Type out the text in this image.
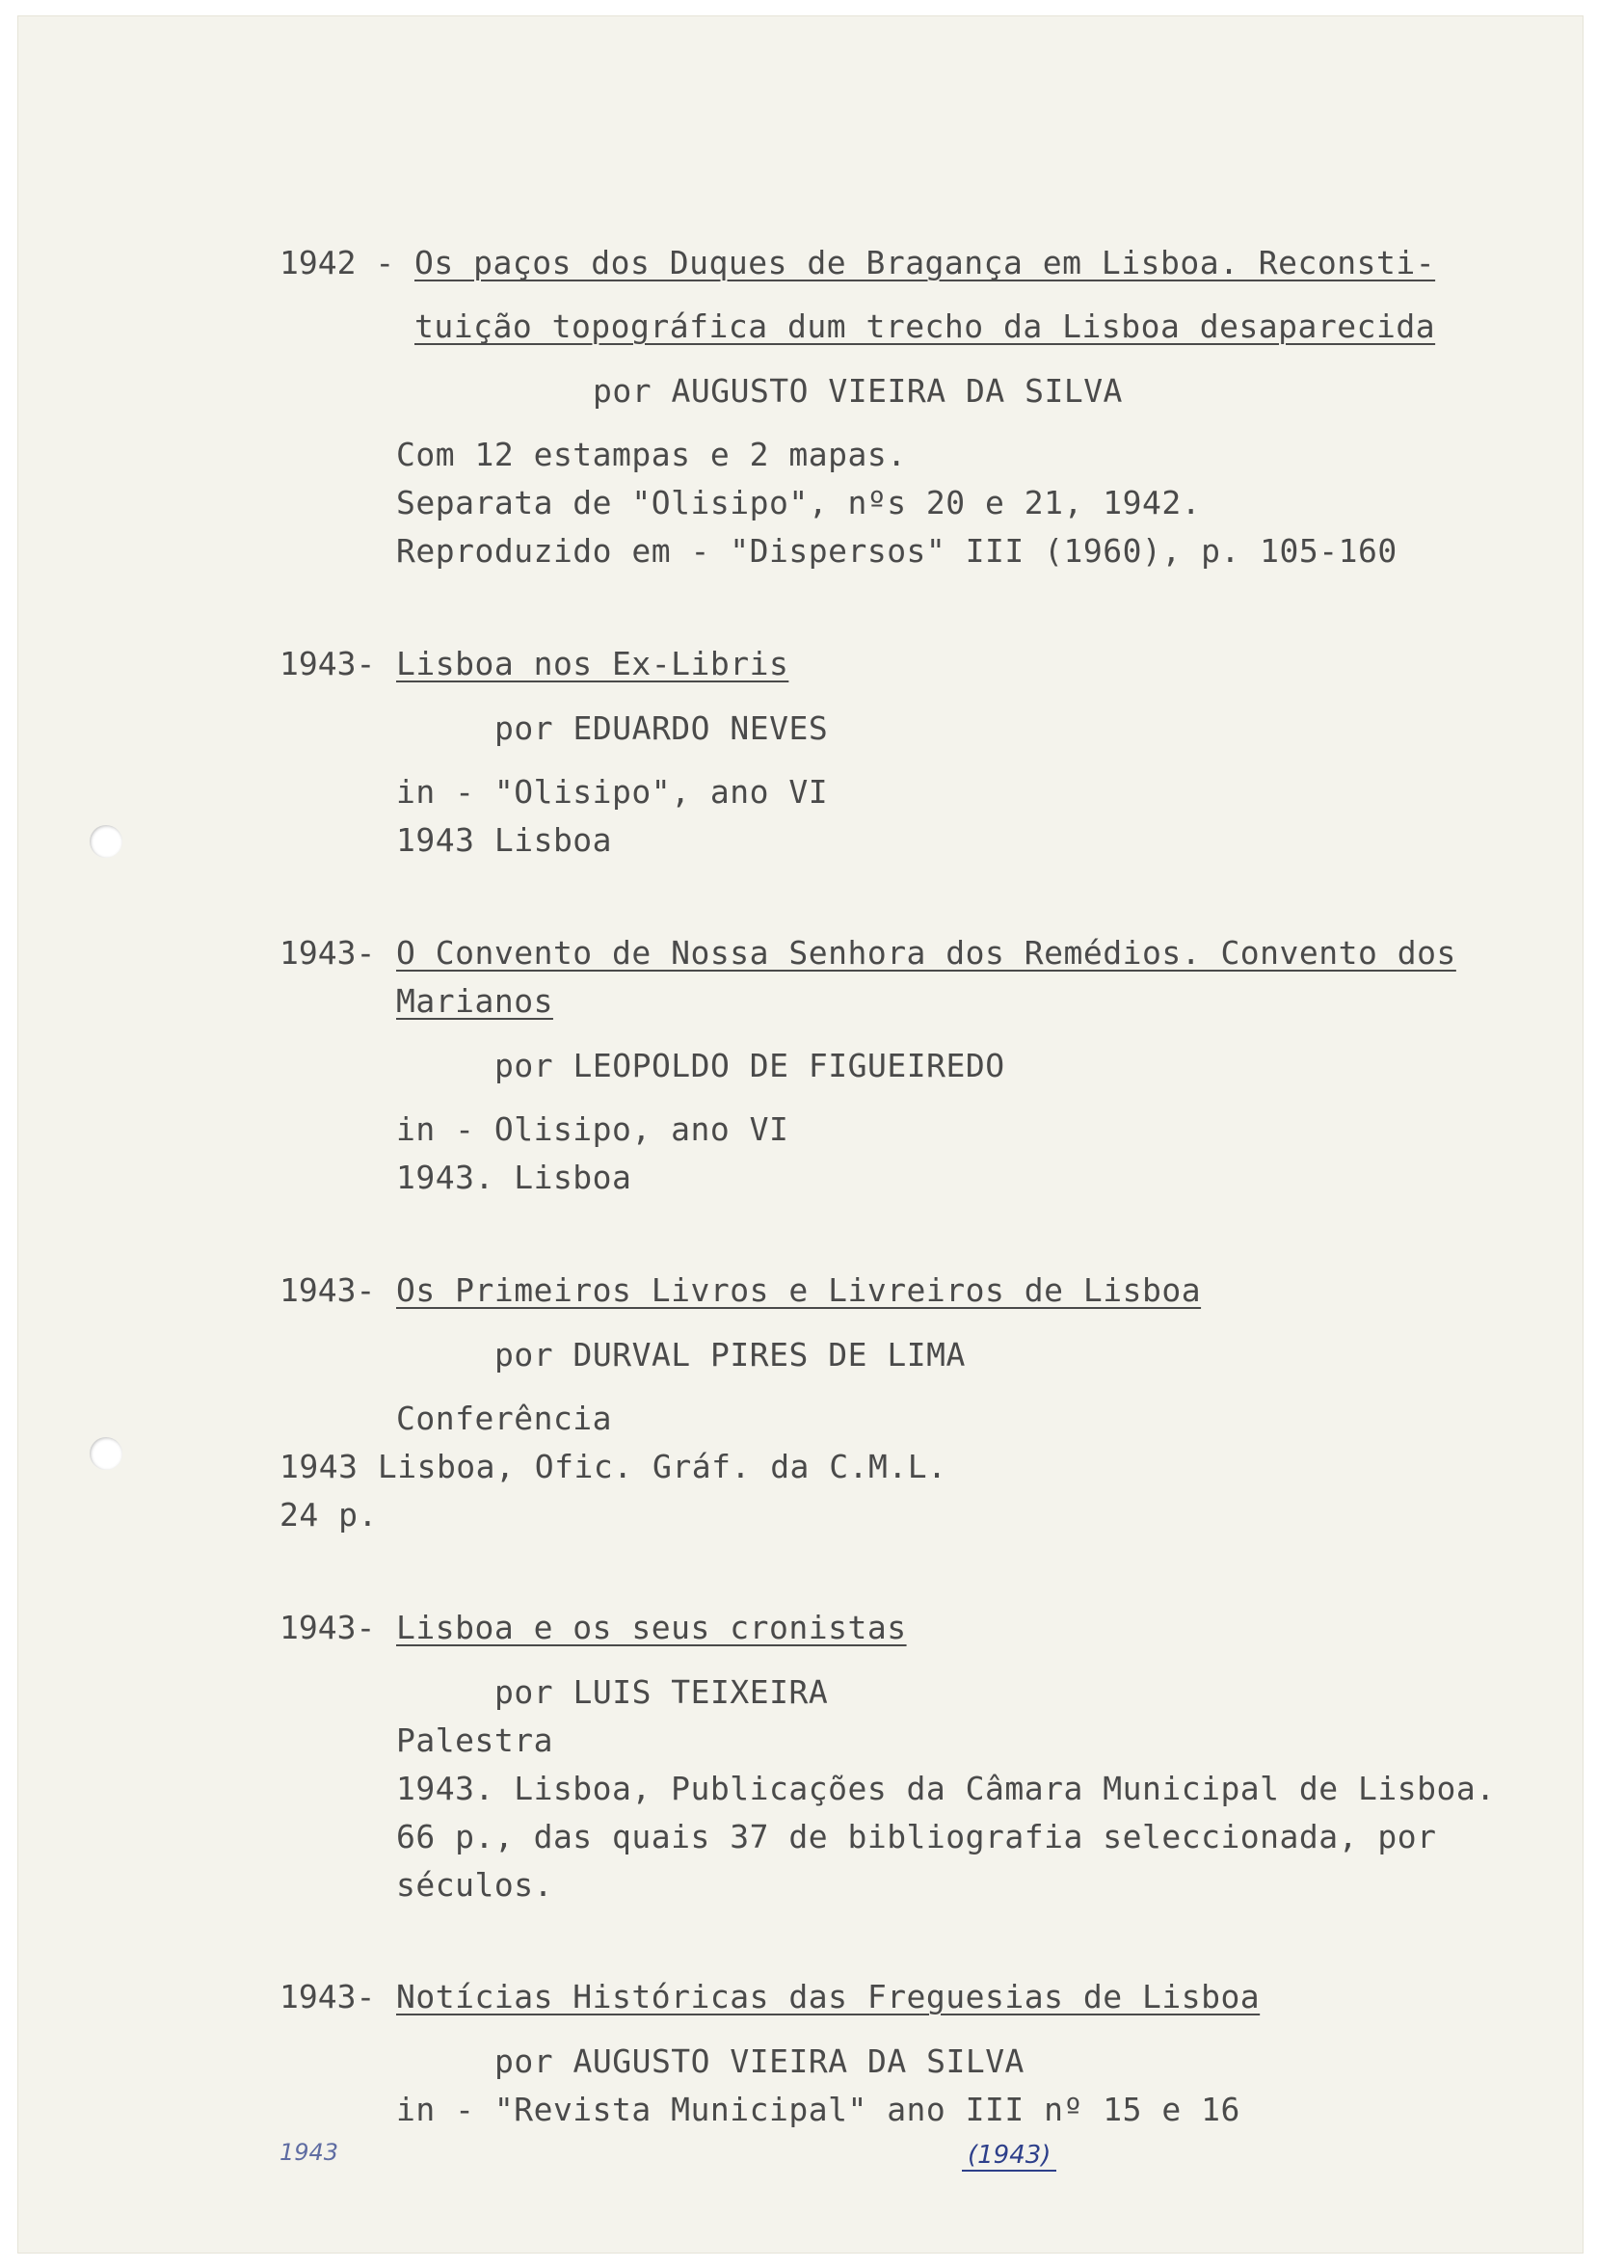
1942 - Os paços dos Duques de Bragança em Lisboa. Reconsti-
tuição topográfica dum trecho da Lisboa desaparecida
por AUGUSTO VIEIRA DA SILVA
Com 12 estampas e 2 mapas.
Separata de "Olisipo", nºs 20 e 21, 1942.
Reproduzido em - "Dispersos" III (1960), p. 105-160
1943- Lisboa nos Ex-Libris
por EDUARDO NEVES
in - "Olisipo", ano VI
1943 Lisboa
1943- O Convento de Nossa Senhora dos Remédios. Convento dos
Marianos
por LEOPOLDO DE FIGUEIREDO
in - Olisipo, ano VI
1943. Lisboa
1943- Os Primeiros Livros e Livreiros de Lisboa
por DURVAL PIRES DE LIMA
Conferência
1943 Lisboa, Ofic. Gráf. da C.M.L.
24 p.
1943- Lisboa e os seus cronistas
por LUIS TEIXEIRA
Palestra
1943. Lisboa, Publicações da Câmara Municipal de Lisboa.
66 p., das quais 37 de bibliografia seleccionada, por
séculos.
1943- Notícias Históricas das Freguesias de Lisboa
por AUGUSTO VIEIRA DA SILVA
in - "Revista Municipal" ano III nº 15 e 16
(1943)
1943
